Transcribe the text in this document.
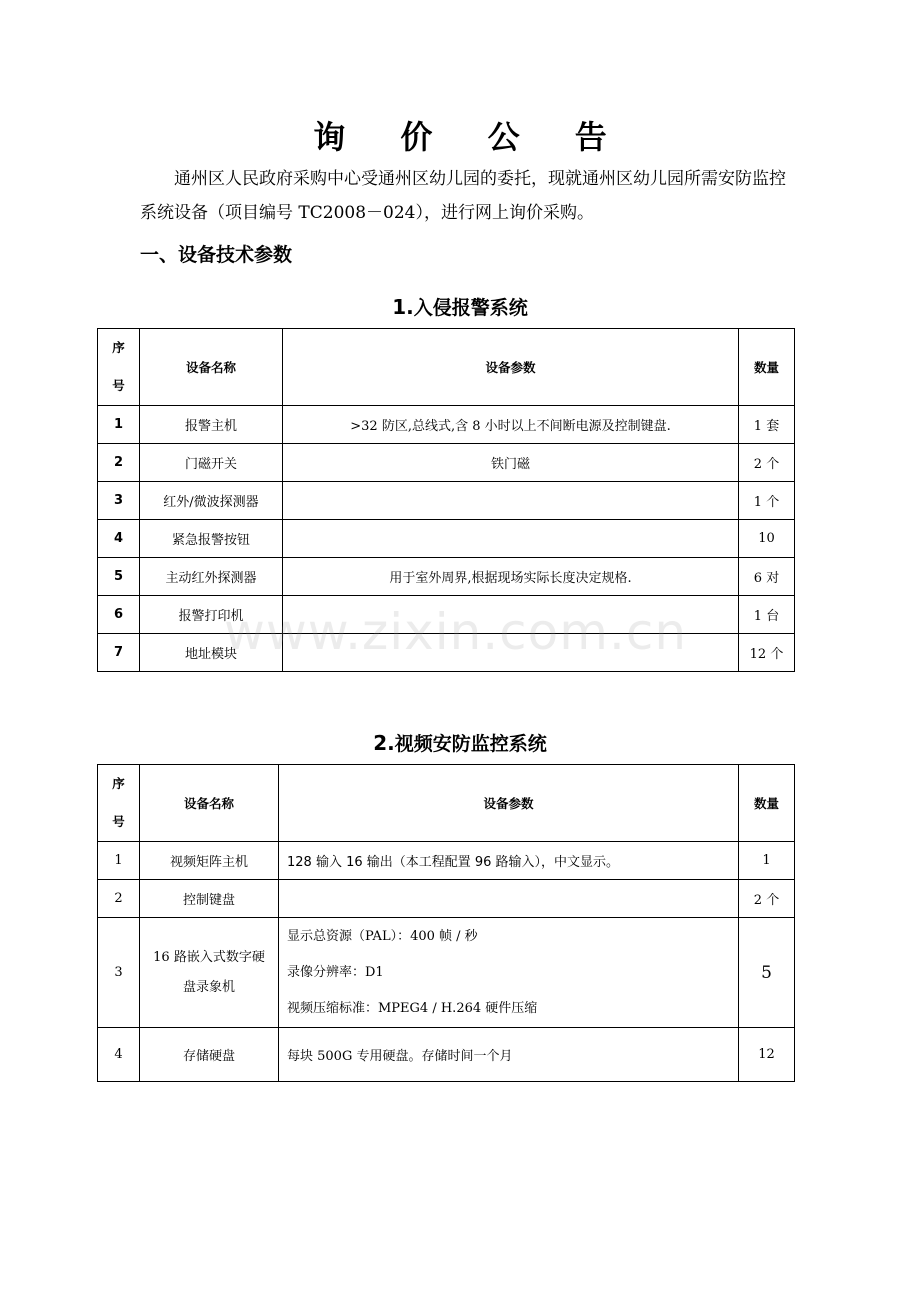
询 价 公 告

通州区人民政府采购中心受通州区幼儿园的委托，现就通州区幼儿园所需安防监控系统设备（项目编号 TC2008－024），进行网上询价采购。

一、设备技术参数
1.入侵报警系统
序
号	设备名称	设备参数	数量
1	报警主机	>32 防区,总线式,含 8 小时以上不间断电源及控制键盘.	1 套
2	门磁开关	铁门磁	2 个
3	红外/微波探测器		1 个
4	紧急报警按钮		10
5	主动红外探测器	用于室外周界,根据现场实际长度决定规格.	6 对
6	报警打印机		1 台
7	地址模块		12 个
2.视频安防监控系统
序
号	设备名称	设备参数	数量
1	视频矩阵主机	128 输入 16 输出（本工程配置 96 路输入），中文显示。	1
2	控制键盘		2 个
3	16 路嵌入式数字硬
盘录象机	显示总资源（PAL）：400 帧 / 秒
录像分辨率：D1
视频压缩标准：MPEG4 / H.264 硬件压缩	5
4	存储硬盘	每块 500G 专用硬盘。存储时间一个月	12
www.zixin.com.cn
